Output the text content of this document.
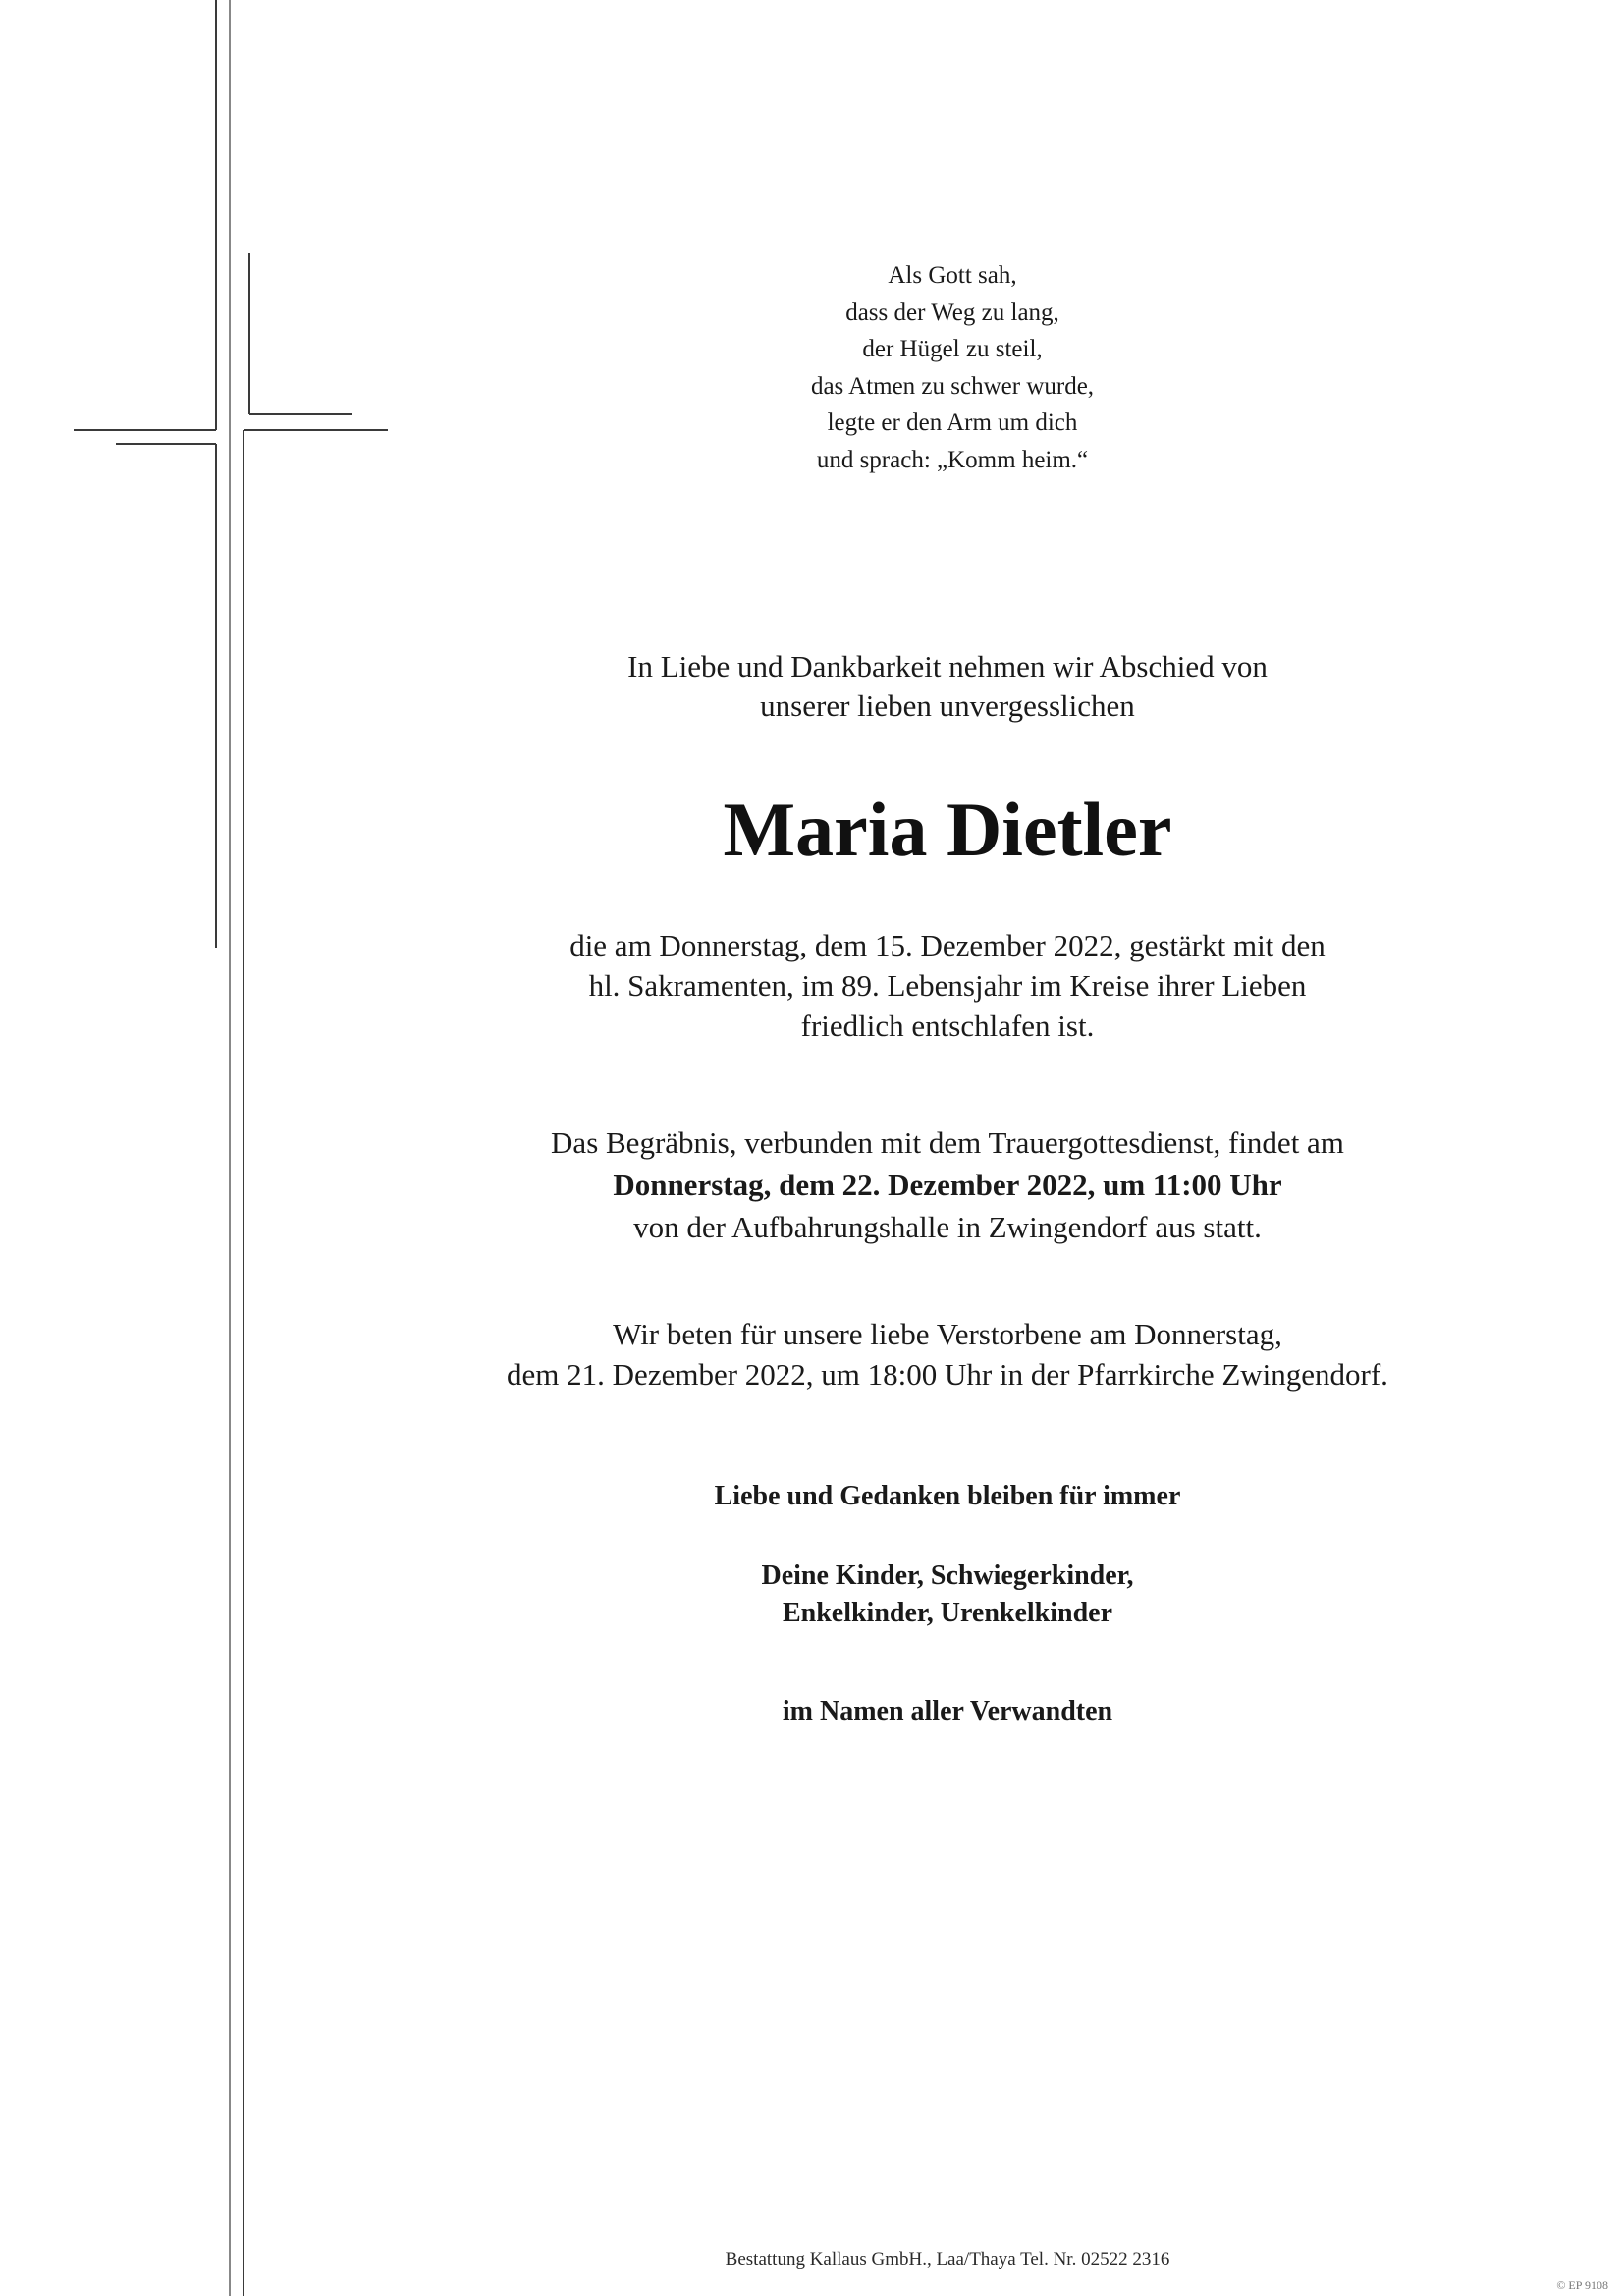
Als Gott sah,
dass der Weg zu lang,
der Hügel zu steil,
das Atmen zu schwer wurde,
legte er den Arm um dich
und sprach: „Komm heim.“
In Liebe und Dankbarkeit nehmen wir Abschied von
unserer lieben unvergesslichen
Maria Dietler
die am Donnerstag, dem 15. Dezember 2022, gestärkt mit den
hl. Sakramenten, im 89. Lebensjahr im Kreise ihrer Lieben
friedlich entschlafen ist.
Das Begräbnis, verbunden mit dem Trauergottesdienst, findet am
Donnerstag, dem 22. Dezember 2022, um 11:00 Uhr
von der Aufbahrungshalle in Zwingendorf aus statt.
Wir beten für unsere liebe Verstorbene am Donnerstag,
dem 21. Dezember 2022, um 18:00 Uhr in der Pfarrkirche Zwingendorf.
Liebe und Gedanken bleiben für immer
Deine Kinder, Schwiegerkinder,
Enkelkinder, Urenkelkinder
im Namen aller Verwandten
Bestattung Kallaus GmbH., Laa/Thaya Tel. Nr. 02522 2316
© EP 9108
